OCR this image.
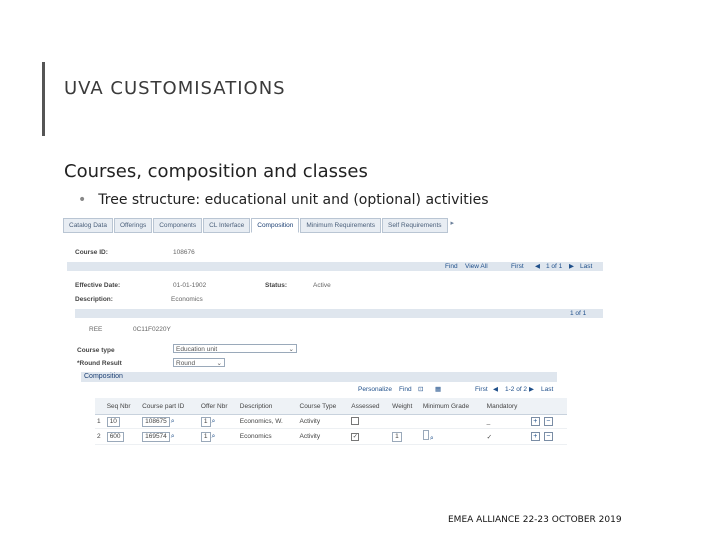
UVA CUSTOMISATIONS
Courses, composition and classes
• Tree structure: educational unit and (optional) activities
Catalog Data	Offerings	Components	CL Interface	Composition	Minimum Requirements	Self Requirements	▸
Course ID:	108676
Find View All	First ◀ 1 of 1 ▶ Last
Effective Date:	01-01-1902	Status:	Active
Description:	Economics
1 of 1
REE	0C11F0220Y
Course type	Education unit	⌄
*Round Result	Round	⌄
Composition
Personalize Find ⊡ ▦	First ◀ 1-2 of 2 ▶ Last
	Seq Nbr	Course part ID	Offer Nbr	Description	Course Type	Assessed	Weight	Minimum Grade	Mandatory	
1	10	108675 ⌕	1 ⌕	Economics, W.	Activity				_	+ −
2	600	169574 ⌕	1 ⌕	Economics	Activity	✓	1	⌕	✓	+ −
EMEA ALLIANCE 22-23 OCTOBER 2019
